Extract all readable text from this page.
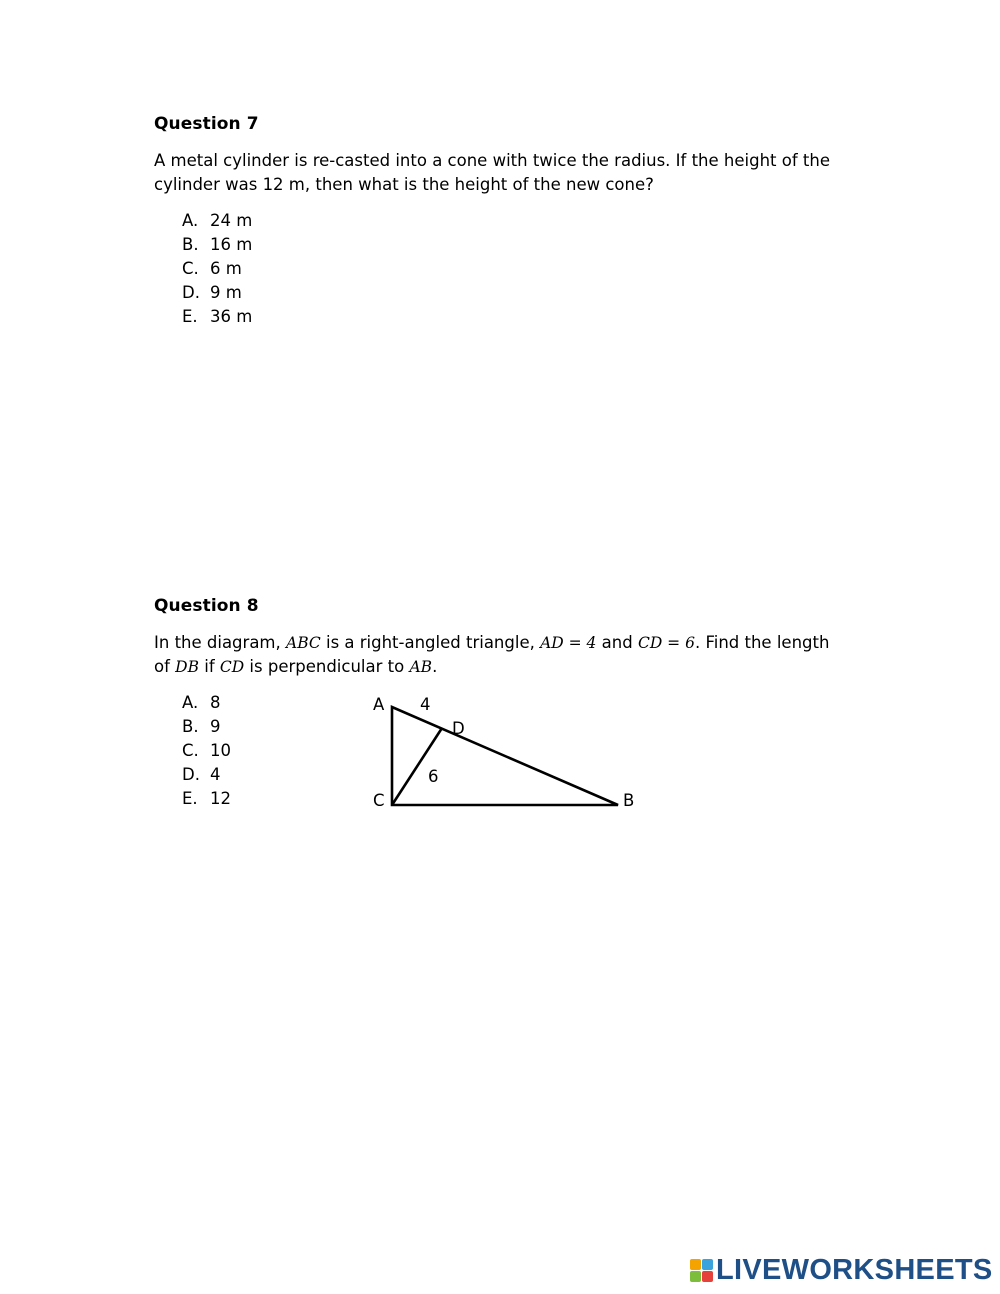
Question 7
A metal cylinder is re-casted into a cone with twice the radius. If the height of the
cylinder was 12 m, then what is the height of the new cone?
A. 24 m
B. 16 m
C. 6 m
D. 9 m
E. 36 m
Question 8
In the diagram, ABC is a right-angled triangle, AD = 4 and CD = 6. Find the length
of DB if CD is perpendicular to AB.
A. 8
B. 9
C. 10
D. 4
E. 12
A 4
D
6
C	B
LIVEWORKSHEETS
